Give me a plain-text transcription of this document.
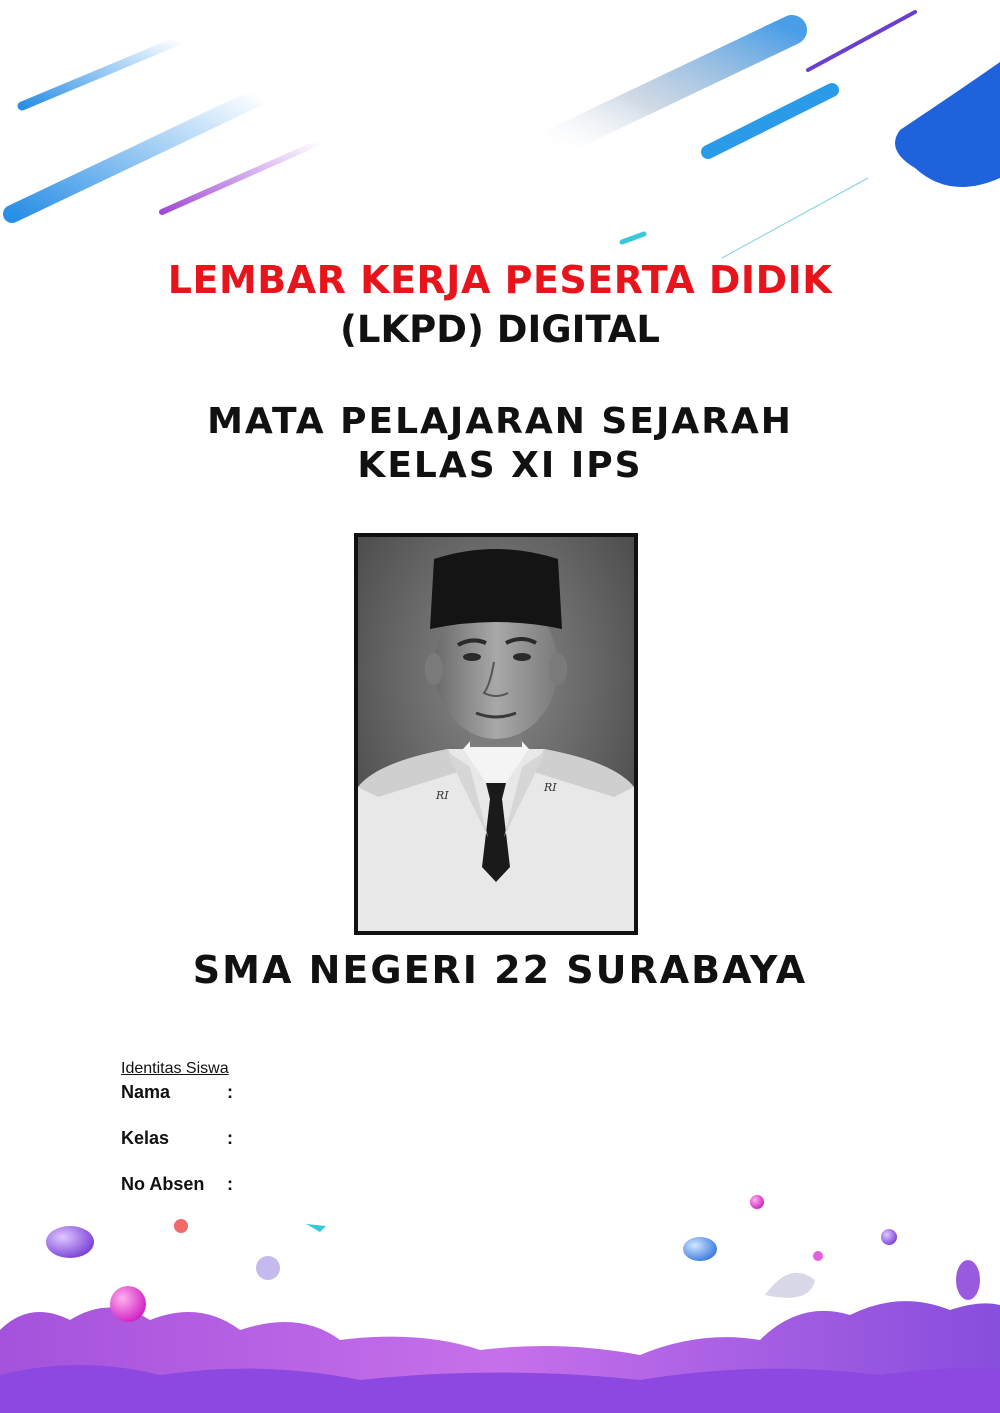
LEMBAR KERJA PESERTA DIDIK
(LKPD) DIGITAL
MATA PELAJARAN SEJARAH
KELAS XI IPS
RI
RI
SMA NEGERI 22 SURABAYA
Identitas Siswa
Nama	:
Kelas	:
No Absen	:
